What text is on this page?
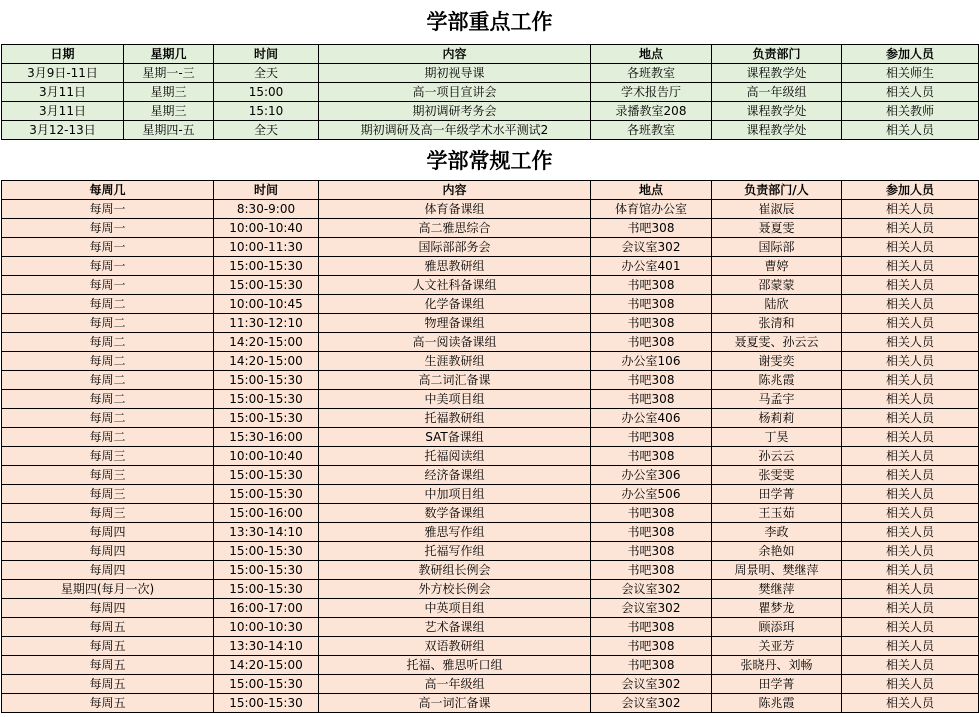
学部重点工作
日期	星期几	时间	内容	地点	负责部门	参加人员
3月9日-11日	星期一-三	全天	期初视导课	各班教室	课程教学处	相关师生
3月11日	星期三	15:00	高一项目宣讲会	学术报告厅	高一年级组	相关人员
3月11日	星期三	15:10	期初调研考务会	录播教室208	课程教学处	相关教师
3月12-13日	星期四-五	全天	期初调研及高一年级学术水平测试2	各班教室	课程教学处	相关人员
学部常规工作
每周几	时间	内容	地点	负责部门/人	参加人员
每周一	8:30-9:00	体育备课组	体育馆办公室	崔淑辰	相关人员
每周一	10:00-10:40	高二雅思综合	书吧308	聂夏雯	相关人员
每周一	10:00-11:30	国际部部务会	会议室302	国际部	相关人员
每周一	15:00-15:30	雅思教研组	办公室401	曹婷	相关人员
每周一	15:00-15:30	人文社科备课组	书吧308	邵蒙蒙	相关人员
每周二	10:00-10:45	化学备课组	书吧308	陆欣	相关人员
每周二	11:30-12:10	物理备课组	书吧308	张清和	相关人员
每周二	14:20-15:00	高一阅读备课组	书吧308	聂夏雯、孙云云	相关人员
每周二	14:20-15:00	生涯教研组	办公室106	谢雯奕	相关人员
每周二	15:00-15:30	高二词汇备课	书吧308	陈兆霞	相关人员
每周二	15:00-15:30	中美项目组	书吧308	马孟宇	相关人员
每周二	15:00-15:30	托福教研组	办公室406	杨莉莉	相关人员
每周二	15:30-16:00	SAT备课组	书吧308	丁昊	相关人员
每周三	10:00-10:40	托福阅读组	书吧308	孙云云	相关人员
每周三	15:00-15:30	经济备课组	办公室306	张雯雯	相关人员
每周三	15:00-15:30	中加项目组	办公室506	田学菁	相关人员
每周三	15:00-16:00	数学备课组	书吧308	王玉茹	相关人员
每周四	13:30-14:10	雅思写作组	书吧308	李政	相关人员
每周四	15:00-15:30	托福写作组	书吧308	余艳如	相关人员
每周四	15:00-15:30	教研组长例会	书吧308	周景明、樊继萍	相关人员
星期四(每月一次)	15:00-15:30	外方校长例会	会议室302	樊继萍	相关人员
每周四	16:00-17:00	中英项目组	会议室302	瞿梦龙	相关人员
每周五	10:00-10:30	艺术备课组	书吧308	顾添珥	相关人员
每周五	13:30-14:10	双语教研组	书吧308	关亚芳	相关人员
每周五	14:20-15:00	托福、雅思听口组	书吧308	张晓丹、刘畅	相关人员
每周五	15:00-15:30	高一年级组	会议室302	田学菁	相关人员
每周五	15:00-15:30	高一词汇备课	会议室302	陈兆霞	相关人员
